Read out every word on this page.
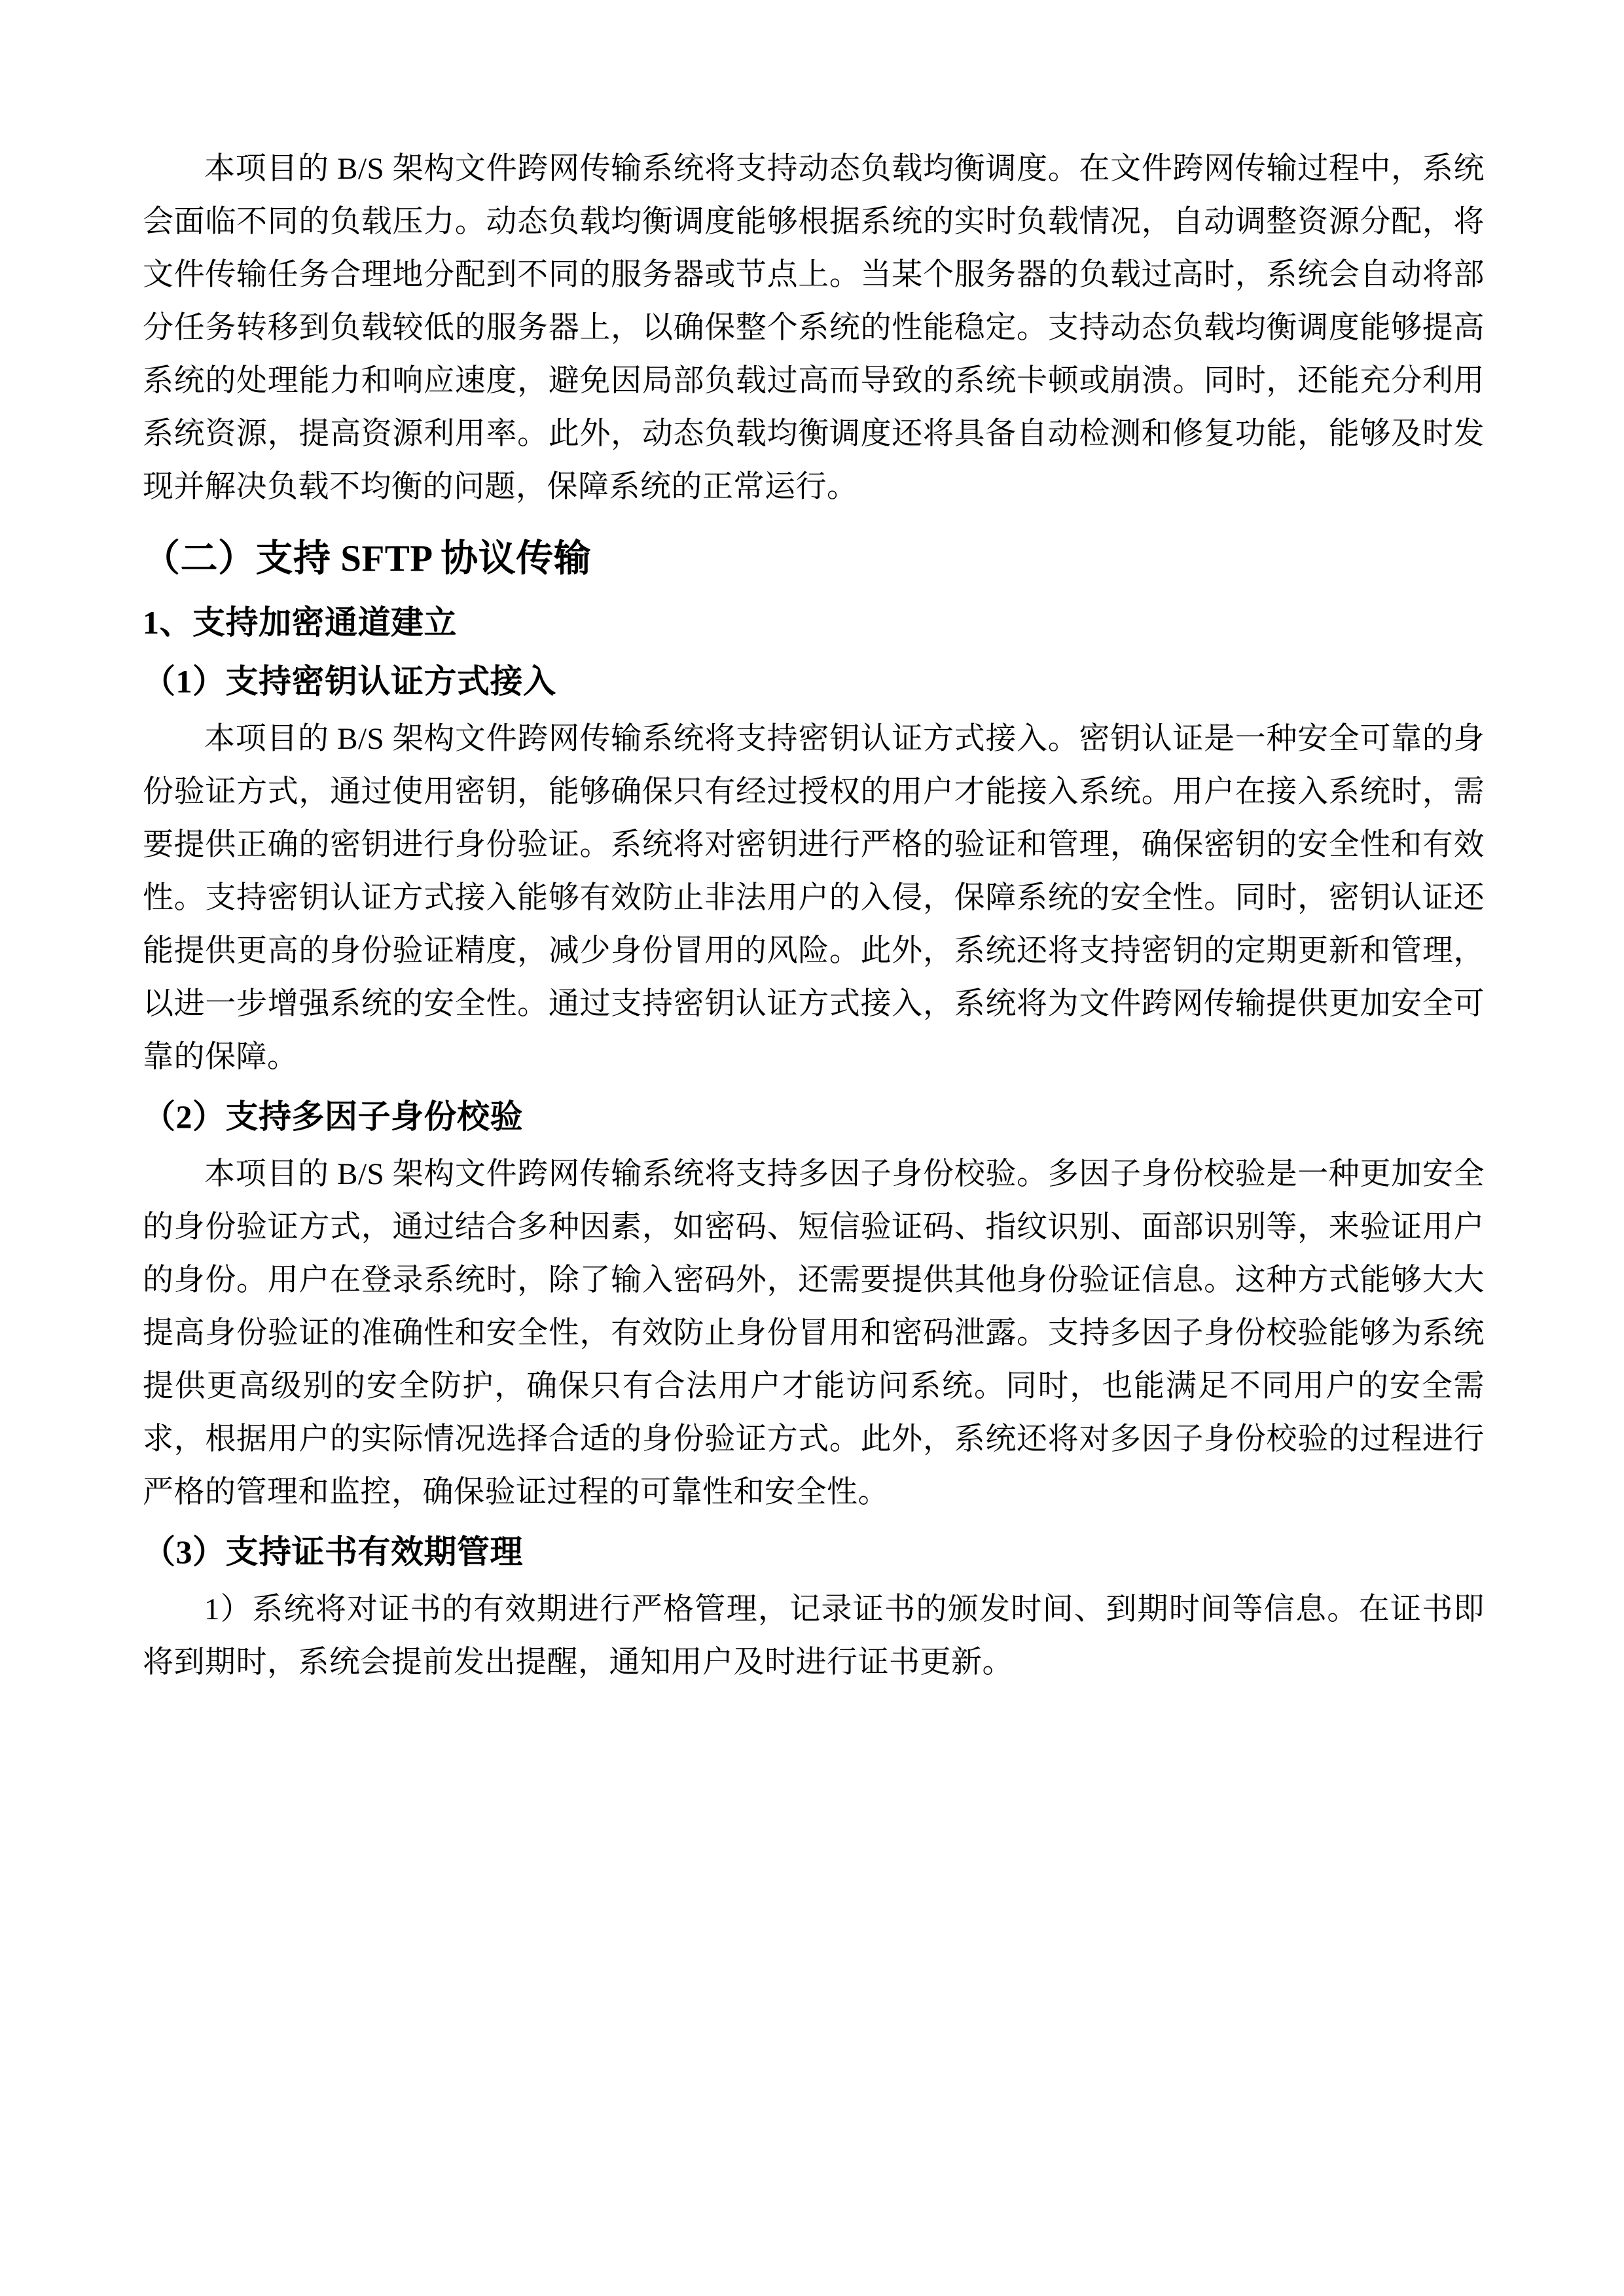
本项目的 B/S 架构文件跨网传输系统将支持动态负载均衡调度。在文件跨网传输过程中，系统会面临不同的负载压力。动态负载均衡调度能够根据系统的实时负载情况，自动调整资源分配，将文件传输任务合理地分配到不同的服务器或节点上。当某个服务器的负载过高时，系统会自动将部分任务转移到负载较低的服务器上，以确保整个系统的性能稳定。支持动态负载均衡调度能够提高系统的处理能力和响应速度，避免因局部负载过高而导致的系统卡顿或崩溃。同时，还能充分利用系统资源，提高资源利用率。此外，动态负载均衡调度还将具备自动检测和修复功能，能够及时发现并解决负载不均衡的问题，保障系统的正常运行。

（二）支持 SFTP 协议传输
1、支持加密通道建立
（1）支持密钥认证方式接入

本项目的 B/S 架构文件跨网传输系统将支持密钥认证方式接入。密钥认证是一种安全可靠的身份验证方式，通过使用密钥，能够确保只有经过授权的用户才能接入系统。用户在接入系统时，需要提供正确的密钥进行身份验证。系统将对密钥进行严格的验证和管理，确保密钥的安全性和有效性。支持密钥认证方式接入能够有效防止非法用户的入侵，保障系统的安全性。同时，密钥认证还能提供更高的身份验证精度，减少身份冒用的风险。此外，系统还将支持密钥的定期更新和管理，以进一步增强系统的安全性。通过支持密钥认证方式接入，系统将为文件跨网传输提供更加安全可靠的保障。

（2）支持多因子身份校验

本项目的 B/S 架构文件跨网传输系统将支持多因子身份校验。多因子身份校验是一种更加安全的身份验证方式，通过结合多种因素，如密码、短信验证码、指纹识别、面部识别等，来验证用户的身份。用户在登录系统时，除了输入密码外，还需要提供其他身份验证信息。这种方式能够大大提高身份验证的准确性和安全性，有效防止身份冒用和密码泄露。支持多因子身份校验能够为系统提供更高级别的安全防护，确保只有合法用户才能访问系统。同时，也能满足不同用户的安全需求，根据用户的实际情况选择合适的身份验证方式。此外，系统还将对多因子身份校验的过程进行严格的管理和监控，确保验证过程的可靠性和安全性。

（3）支持证书有效期管理

1）系统将对证书的有效期进行严格管理，记录证书的颁发时间、到期时间等信息。在证书即将到期时，系统会提前发出提醒，通知用户及时进行证书更新。
